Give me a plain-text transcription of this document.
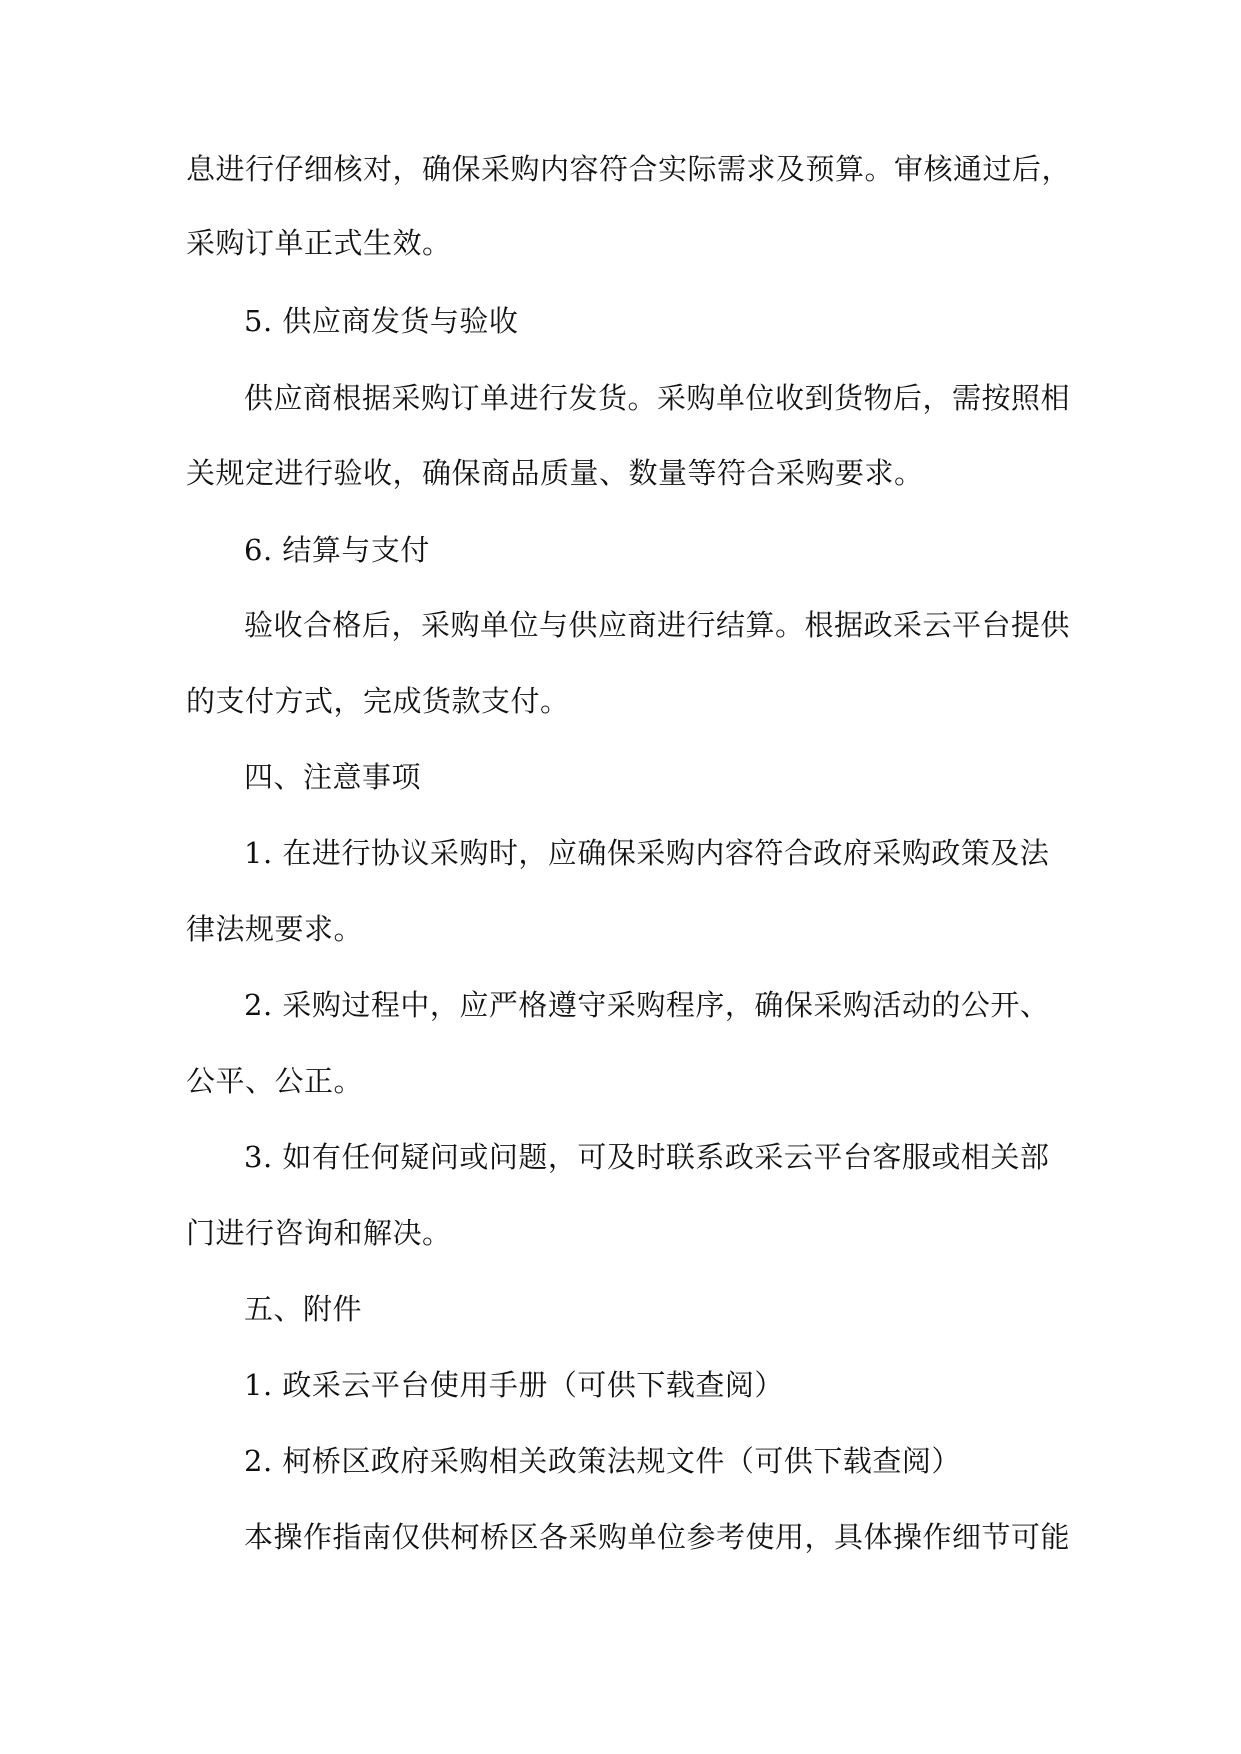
息进行仔细核对，确保采购内容符合实际需求及预算。审核通过后，
采购订单正式生效。
5. 供应商发货与验收
供应商根据采购订单进行发货。采购单位收到货物后，需按照相
关规定进行验收，确保商品质量、数量等符合采购要求。
6. 结算与支付
验收合格后，采购单位与供应商进行结算。根据政采云平台提供
的支付方式，完成货款支付。
四、注意事项
1. 在进行协议采购时，应确保采购内容符合政府采购政策及法
律法规要求。
2. 采购过程中，应严格遵守采购程序，确保采购活动的公开、
公平、公正。
3. 如有任何疑问或问题，可及时联系政采云平台客服或相关部
门进行咨询和解决。
五、附件
1. 政采云平台使用手册（可供下载查阅）
2. 柯桥区政府采购相关政策法规文件（可供下载查阅）
本操作指南仅供柯桥区各采购单位参考使用，具体操作细节可能
